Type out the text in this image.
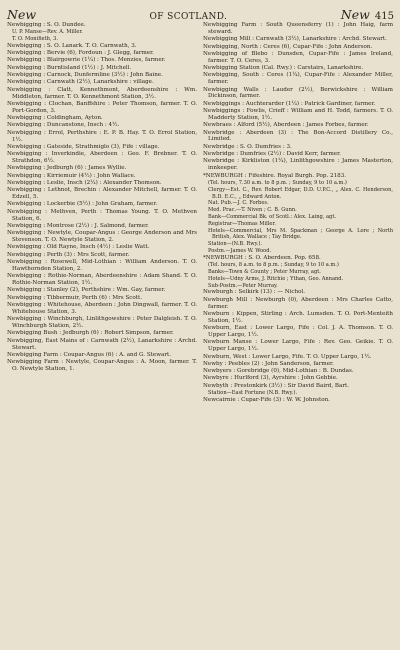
New	OF SCOTLAND.	New 415
Newbigging : S. O. Dundee.
U. P. Manse—Rev. A. Miller.
T. O. Monifieth, 3.
Newbigging : S. O. Lanark. T. O. Carnwath, 3.
Newbigging : Bervie (6), Fordoun : J. Glegg, farmer.
Newbigging : Blairgowrie (1¼) : Thos. Menzies, farmer.
Newbigging : Burntisland (1½) : J. Mitchell.
Newbigging : Carnock, Dunfermline (3½) : John Baine.
Newbigging : Carnwath (2½), Lanarkshire : village.
Newbigging : Clatt, Kennethmont, Aberdeenshire : Wm. Middleton, farmer. T. O. Kennethmont Station, 3½.
Newbigging : Clochan, Banffshire : Peter Thomson, farmer. T. O. Port-Gordon, 3.
Newbigging : Coldingham, Ayton.
Newbigging : Duncanstone, Insch : 4½.
Newbigging : Errol, Perthshire : E. P. B. Hay. T. O. Errol Station, 1½.
Newbigging : Gateside, Strathmiglo (3), Fife : village.
Newbigging : Inverkindie, Aberdeen : Geo. F. Brebner. T. O. Strathdon, 6½.
Newbigging : Jedburgh (6) : James Wyllie.
Newbigging : Kirriemuir (4½) : John Wallace.
Newbigging : Leslie, Insch (2¼) : Alexander Thomson.
Newbigging : Lethnot, Brechin : Alexander Mitchell, farmer. T. O. Edzell, 5.
Newbigging : Lockerbie (5½) : John Graham, farmer.
Newbigging : Methven, Perth : Thomas Young. T. O. Methven Station, 6.
Newbigging : Montrose (2½) : J. Salmond, farmer.
Newbigging : Newtyle, Coupar-Angus : George Anderson and Mrs Stevenson. T. O. Newtyle Station, 2.
Newbigging : Old Rayne, Insch (4½) : Leslie Watt.
Newbigging : Perth (3) : Mrs Scott, farmer.
Newbigging : Rosewell, Mid-Lothian : William Anderson. T. O. Hawthornden Station, 2.
Newbigging : Rothie-Norman, Aberdeenshire : Adam Shand. T. O. Rothie-Norman Station, 1½.
Newbigging : Stanley (2), Perthshire : Wm. Gay, farmer.
Newbigging : Tibbermuir, Perth (6) : Mrs Scott.
Newbigging : Whitehouse, Aberdeen : John Dingwall, farmer. T. O. Whitehouse Station, 3.
Newbigging : Winchburgh, Linlithgowshire : Peter Dalgleish. T. O. Winchburgh Station, 2½.
Newbigging Bush : Jedburgh (6) : Robert Simpson, farmer.
Newbigging, East Mains of : Carnwath (2½), Lanarkshire : Archd. Stewart.
Newbigging Farm : Coupar-Angus (6) : A. and G. Stewart.
Newbigging Farm : Newtyle, Coupar-Angus : A. Moon, farmer. T. O. Newtyle Station, 1.
Newbigging Farm : South Queensferry (1) : John Haig, farm steward.
Newbigging Mill : Carnwath (3½), Lanarkshire : Archd. Stewart.
Newbigging, North : Ceres (6), Cupar-Fife : John Anderson.
Newbigging of Blebo : Dunsden, Cupar-Fife : James Ireland, farmer. T. O. Ceres, 3.
Newbigging Station (Cal. Rwy.) : Carstairs, Lanarkshire.
Newbigging, South : Ceres (1¼), Cupar-Fife : Alexander Miller, farmer.
Newbigging Walls : Lauder (2½), Berwickshire : William Dickinson, farmer.
Newbiggings : Auchterarder (1¼) : Patrick Gardiner, farmer.
Newbiggings : Fowlis, Crieff : William and H. Todd, farmers. T. O. Madderty Station, 1½.
Newbraes : Alford (5½), Aberdeen : James Forbes, farmer.
Newbridge : Aberdeen (3) : The Bon-Accord Distillery Co., Limited.
Newbridge : S. O. Dumfries : 3.
Newbridge : Dumfries (2½) : David Kerr, farmer.
Newbridge : Kirkliston (1¼), Linlithgowshire : James Masterton, innkeeper.
*NEWBURGH : Fifeshire. Royal Burgh. Pop. 2183.
(Tel. hours, 7.30 a.m. to 8 p.m. ; Sunday, 9 to 10 a.m.)
Clergy—Est. C., Rev. Robert Edgar, D.D. U.P.C., „ Alex. C. Henderson, B.D. E.C., „ Edward Anton.
Nat. Pub.—J. C. Forbes.
Med. Prac.—T. Niven ; C. B. Gunn.
Bank—Commercial Bk. of Scotl.: Alex. Laing, agt.
Registrar—Thomas Miller.
Hotels—Commercial, Mrs M. Spackman ; George A. Lore ; North British, Alex. Wallace ; Tay Bridge.
Station—(N.B. Rwy.).
Postm.—James W. Wood.
*NEWBURGH : S. O. Aberdeen. Pop. 658.
(Tel. hours, 8 a.m. to 8 p.m. ; Sunday, 9 to 10 a.m.)
Banks—Town & County ; Peter Murray, agt.
Hotels—Udny Arms, J. Ritchie ; Ythan, Geo. Annand.
Sub-Postm.—Peter Murray.
Newburgh : Selkirk (13) : — Nichol.
Newburgh Mill : Newburgh (0), Aberdeen : Mrs Charles Catto, farmer.
Newburn : Kippen, Stirling : Arch. Lumsden. T. O. Port-Menteith Station, 1½.
Newburn, East : Lower Largo, Fife : Col. J. A. Thomson. T. O. Upper Largo, 1½.
Newburn Manse : Lower Largo, Fife : Rev. Geo. Geikie. T. O. Upper Largo, 1½.
Newburn, West : Lower Largo, Fife. T. O. Upper Largo, 1½.
Newby : Peebles (2) : John Sanderson, farmer.
Newbyers : Gorebridge (0), Mid-Lothian : B. Dundas.
Newbyre : Hurlford (3), Ayrshire : John Gebbie.
Newbyth : Prestonkirk (3½) : Sir David Baird, Bart.
Station—East Fortune (N.B. Rwy.).
Newcairnie : Cupar-Fife (3) : W. W. Johnston.
